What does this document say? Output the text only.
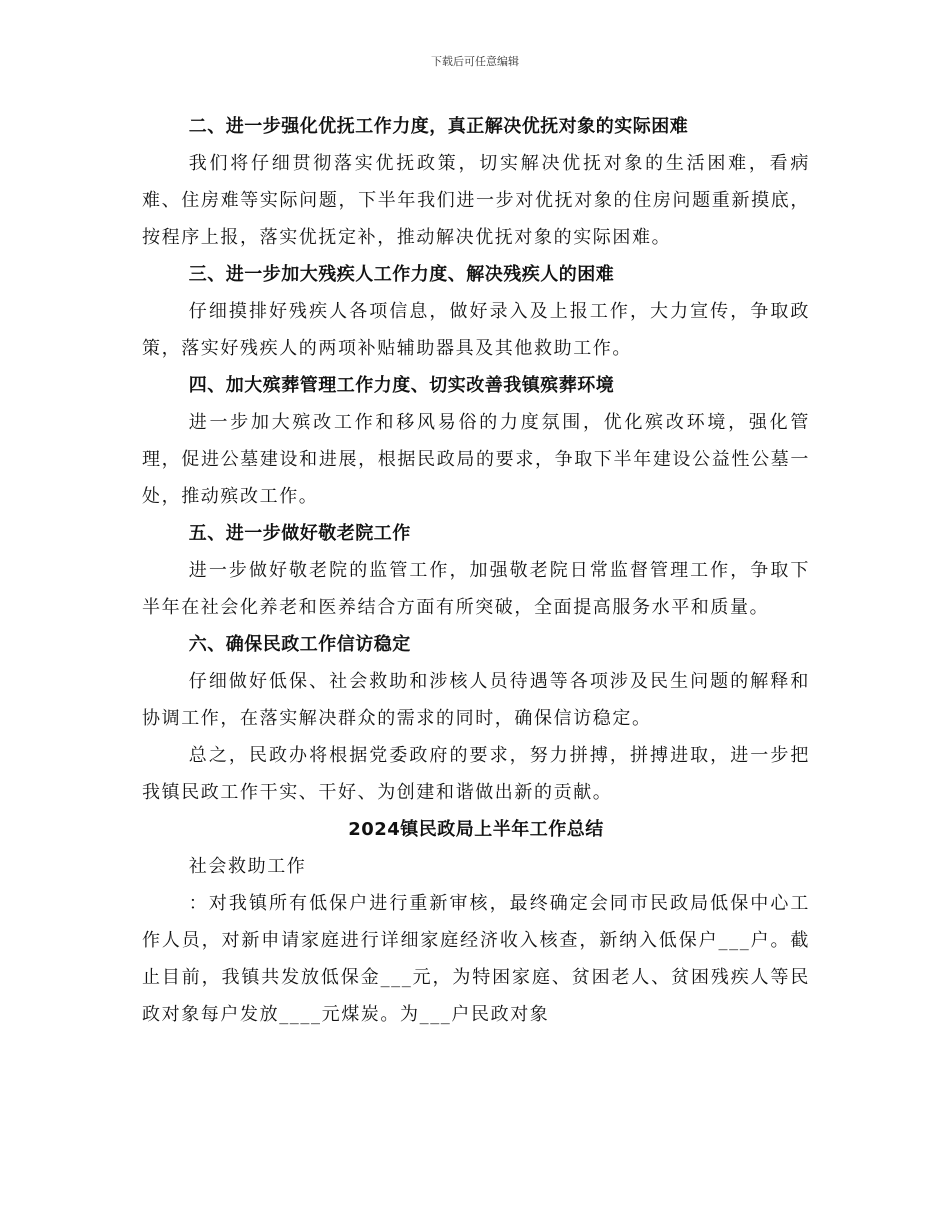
下载后可任意编辑

二、进一步强化优抚工作力度，真正解决优抚对象的实际困难

我们将仔细贯彻落实优抚政策，切实解决优抚对象的生活困难，看病难、住房难等实际问题，下半年我们进一步对优抚对象的住房问题重新摸底，按程序上报，落实优抚定补，推动解决优抚对象的实际困难。

三、进一步加大残疾人工作力度、解决残疾人的困难

仔细摸排好残疾人各项信息，做好录入及上报工作，大力宣传，争取政策，落实好残疾人的两项补贴辅助器具及其他救助工作。

四、加大殡葬管理工作力度、切实改善我镇殡葬环境

进一步加大殡改工作和移风易俗的力度氛围，优化殡改环境，强化管理，促进公墓建设和进展，根据民政局的要求，争取下半年建设公益性公墓一处，推动殡改工作。

五、进一步做好敬老院工作

进一步做好敬老院的监管工作，加强敬老院日常监督管理工作，争取下半年在社会化养老和医养结合方面有所突破，全面提高服务水平和质量。

六、确保民政工作信访稳定

仔细做好低保、社会救助和涉核人员待遇等各项涉及民生问题的解释和协调工作，在落实解决群众的需求的同时，确保信访稳定。

总之，民政办将根据党委政府的要求，努力拼搏，拼搏进取，进一步把我镇民政工作干实、干好、为创建和谐做出新的贡献。

2024镇民政局上半年工作总结

社会救助工作

：对我镇所有低保户进行重新审核，最终确定会同市民政局低保中心工作人员，对新申请家庭进行详细家庭经济收入核查，新纳入低保户___户。截止目前，我镇共发放低保金___元，为特困家庭、贫困老人、贫困残疾人等民政对象每户发放____元煤炭。为___户民政对象
